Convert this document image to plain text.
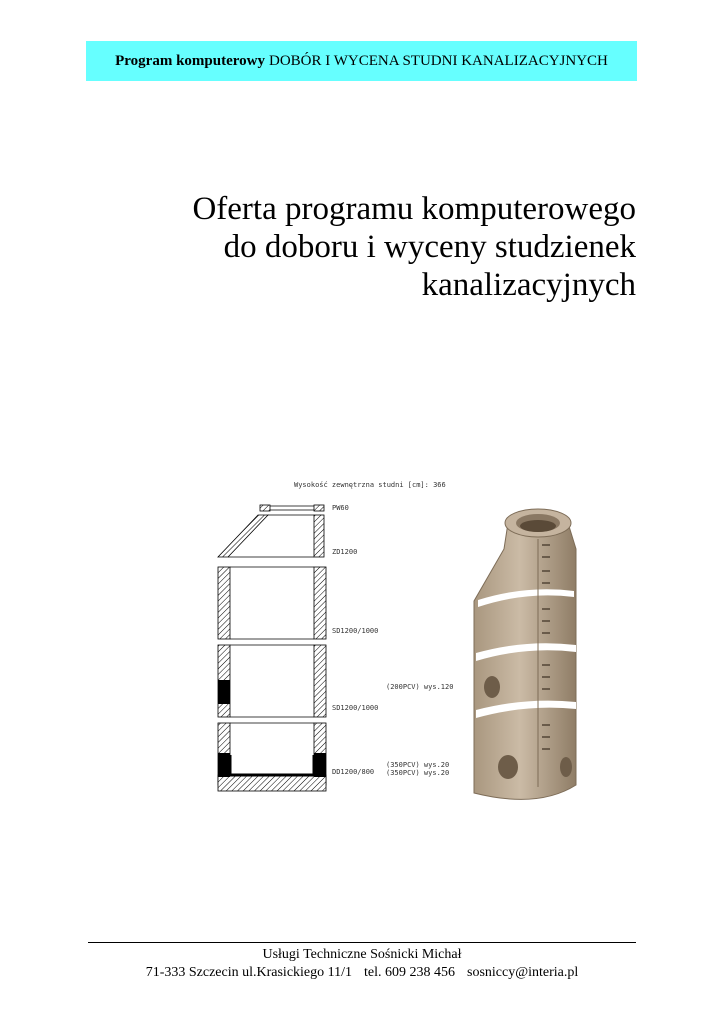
Program komputerowy DOBÓR I WYCENA STUDNI KANALIZACYJNYCH
Oferta programu komputerowego
do doboru i wyceny studzienek
kanalizacyjnych
Wysokość zewnętrzna studni [cm]: 366
PW60
ZD1200
SD1200/1000
(200PCV) wys.120
SD1200/1000
(350PCV) wys.20
DD1200/800 (350PCV) wys.20
Usługi Techniczne Sośnicki Michał
71-333 Szczecin ul.Krasickiego 11/1 tel. 609 238 456 sosniccy@interia.pl
